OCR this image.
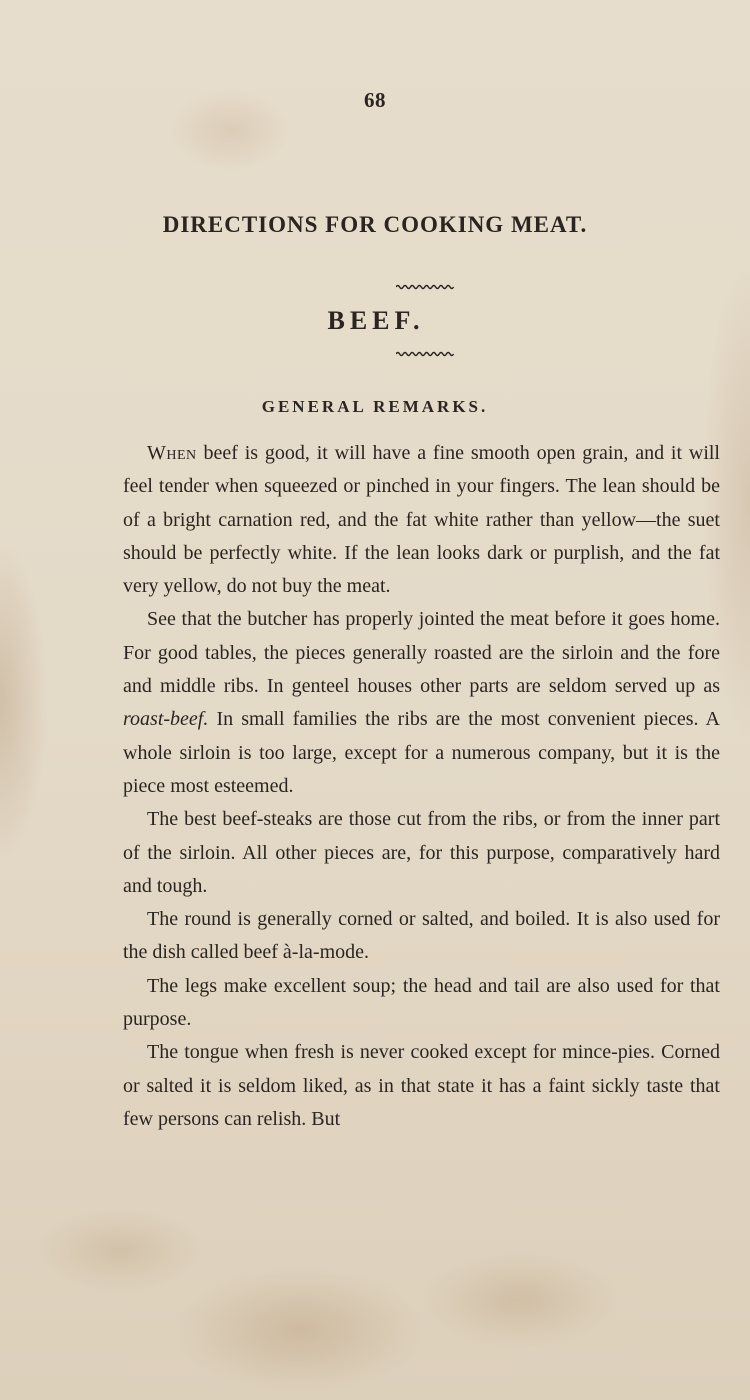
68
DIRECTIONS FOR COOKING MEAT.
BEEF.
GENERAL REMARKS.

When beef is good, it will have a fine smooth open grain, and it will feel tender when squeezed or pinched in your fingers. The lean should be of a bright carnation red, and the fat white rather than yellow—the suet should be perfectly white. If the lean looks dark or purplish, and the fat very yellow, do not buy the meat.

See that the butcher has properly jointed the meat before it goes home. For good tables, the pieces generally roasted are the sirloin and the fore and middle ribs. In genteel houses other parts are seldom served up as roast-beef. In small families the ribs are the most convenient pieces. A whole sirloin is too large, except for a numerous company, but it is the piece most esteemed.

The best beef-steaks are those cut from the ribs, or from the inner part of the sirloin. All other pieces are, for this purpose, comparatively hard and tough.

The round is generally corned or salted, and boiled. It is also used for the dish called beef à-la-mode.

The legs make excellent soup; the head and tail are also used for that purpose.

The tongue when fresh is never cooked except for mince-pies. Corned or salted it is seldom liked, as in that state it has a faint sickly taste that few persons can relish. But
